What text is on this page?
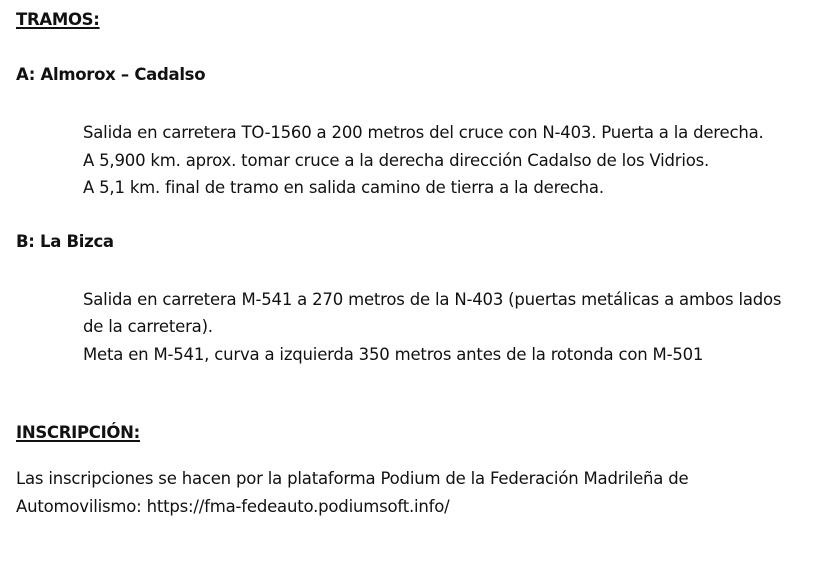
TRAMOS:

A: Almorox – Cadalso

Salida en carretera TO-1560 a 200 metros del cruce con N-403. Puerta a la derecha.

A 5,900 km. aprox. tomar cruce a la derecha dirección Cadalso de los Vidrios.

A 5,1 km. final de tramo en salida camino de tierra a la derecha.

B: La Bizca

Salida en carretera M-541 a 270 metros de la N-403 (puertas metálicas a ambos lados de la carretera).

Meta en M-541, curva a izquierda 350 metros antes de la rotonda con M-501

INSCRIPCIÓN:

Las inscripciones se hacen por la plataforma Podium de la Federación Madrileña de Automovilismo: https://fma-fedeauto.podiumsoft.info/
